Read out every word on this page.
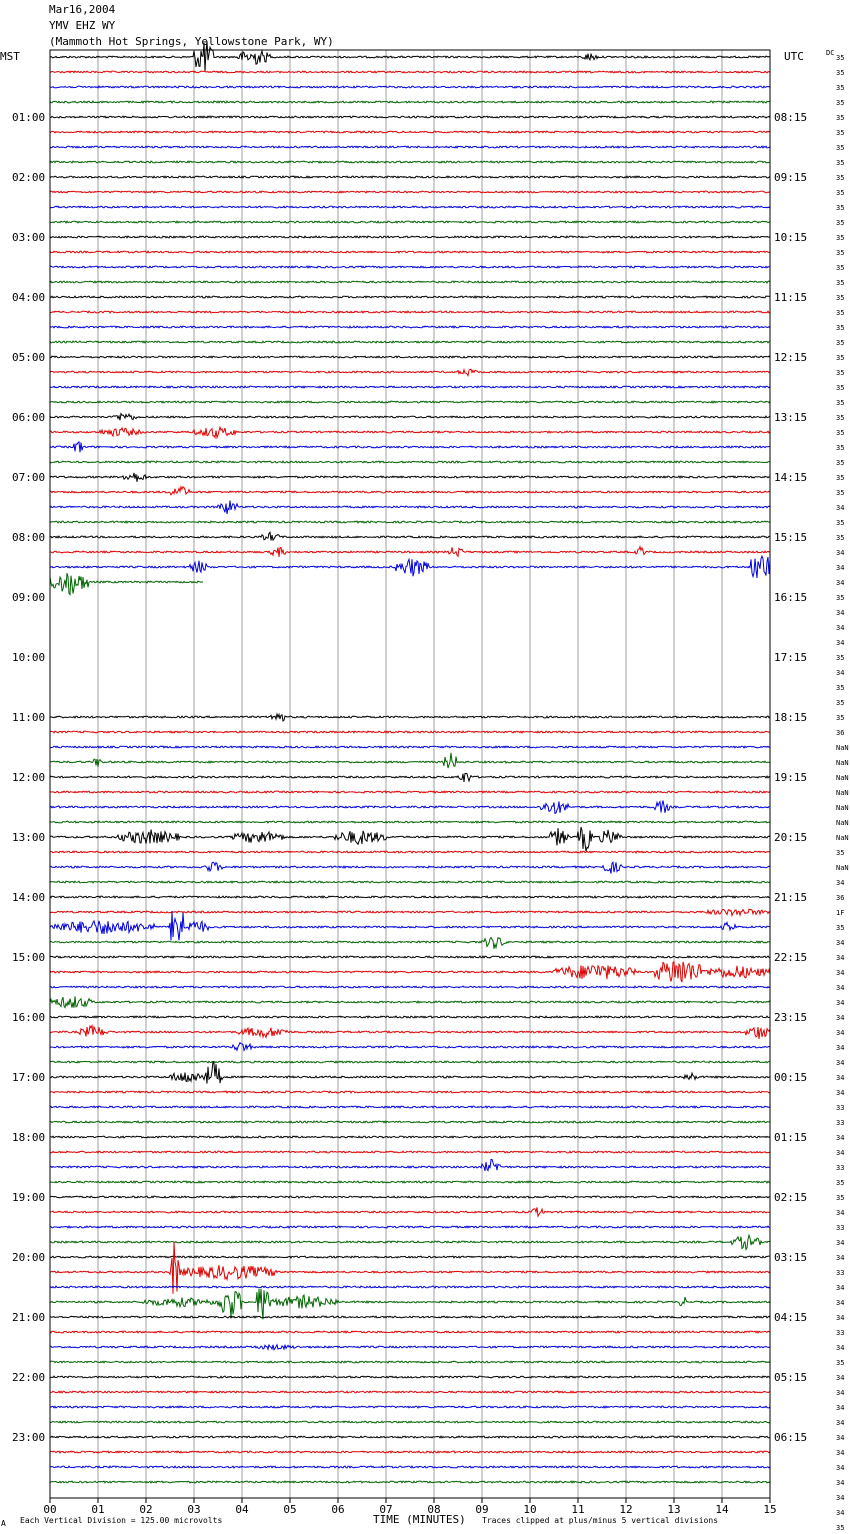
Mar16,2004
YMV EHZ WY
(Mammoth Hot Springs, Yellowstone Park, WY)
MST	UTC	DC
00	01	02	03	04	05	06	07	08	09	10	11	12	13	14	15
01:00	08:15
02:00	09:15
03:00	10:15
04:00	11:15
05:00	12:15
06:00	13:15
07:00	14:15
08:00	15:15
09:00	16:15
10:00	17:15
11:00	18:15
12:00	19:15
13:00	20:15
14:00	21:15
15:00	22:15
16:00	23:15
17:00	00:15
18:00	01:15
19:00	02:15
20:00	03:15
21:00	04:15
22:00	05:15
23:00	06:15
35
35
35
35
35
35
35
35
35
35
35
35
35
35
35
35
35
35
35
35
35
35
35
35
35
35
35
35
35
35
34
35
35
34
34
34
35
34
34
34
35
34
35
35
35
36
NaN
NaN
NaN
NaN
NaN
NaN
NaN
35
NaN
34
36
1F
35
34
34
34
34
34
34
34
34
34
34
34
33
33
34
34
33
35
35
34
33
34
34
33
34
34
34
33
34
35
34
34
34
34
34
34
34
34
34
34
35
A Each Vertical Division = 125.00 microvolts	TIME (MINUTES) Traces clipped at plus/minus 5 vertical divisions
